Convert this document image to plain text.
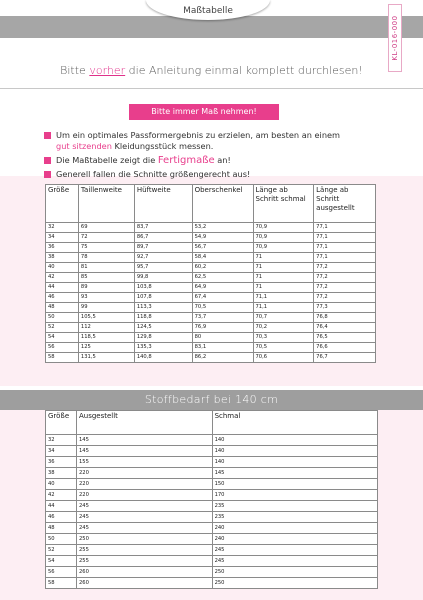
Maßtabelle
KL-016-000
Bitte vorher die Anleitung einmal komplett durchlesen!
Bitte immer Maß nehmen!
Um ein optimales Passformergebnis zu erzielen, am besten an einem
gut sitzenden Kleidungsstück messen.
Die Maßtabelle zeigt die Fertigmaße an!
Generell fallen die Schnitte größengerecht aus!
Größe	Taillenweite	Hüftweite	Oberschenkel	Länge ab Schritt schmal	Länge ab Schritt ausgestellt
32	69	83,7	53,2	70,9	77,1
34	72	86,7	54,9	70,9	77,1
36	75	89,7	56,7	70,9	77,1
38	78	92,7	58,4	71	77,1
40	81	95,7	60,2	71	77,2
42	85	99,8	62,5	71	77,2
44	89	103,8	64,9	71	77,2
46	93	107,8	67,4	71,1	77,2
48	99	113,3	70,5	71,1	77,3
50	105,5	118,8	73,7	70,7	76,8
52	112	124,5	76,9	70,2	76,4
54	118,5	129,8	80	70,3	76,5
56	125	135,3	83,1	70,5	76,6
58	131,5	140,8	86,2	70,6	76,7
Stoffbedarf bei 140 cm
Größe	Ausgestellt	Schmal
32	145	140
34	145	140
36	155	140
38	220	145
40	220	150
42	220	170
44	245	235
46	245	235
48	245	240
50	250	240
52	255	245
54	255	245
56	260	250
58	260	250
